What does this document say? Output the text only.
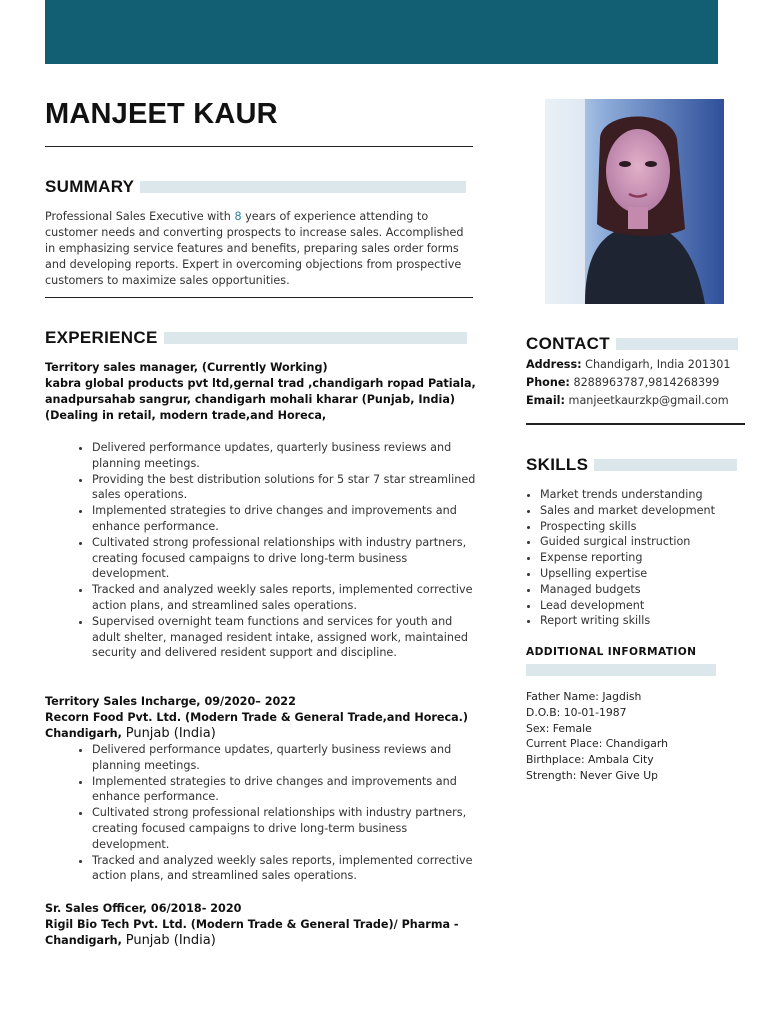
MANJEET KAUR
SUMMARY

Professional Sales Executive with 8 years of experience attending to customer needs and converting prospects to increase sales. Accomplished in emphasizing service features and benefits, preparing sales order forms and developing reports. Expert in overcoming objections from prospective customers to maximize sales opportunities.

EXPERIENCE
Territory sales manager, (Currently Working)
kabra global products pvt ltd,gernal trad ,chandigarh ropad Patiala, anadpursahab sangrur, chandigarh mohali kharar (Punjab, India)(Dealing in retail, modern trade,and Horeca,
• Delivered performance updates, quarterly business reviews and planning meetings.
• Providing the best distribution solutions for 5 star 7 star streamlined sales operations.
• Implemented strategies to drive changes and improvements and enhance performance.
• Cultivated strong professional relationships with industry partners, creating focused campaigns to drive long-term business development.
• Tracked and analyzed weekly sales reports, implemented corrective action plans, and streamlined sales operations.
• Supervised overnight team functions and services for youth and adult shelter, managed resident intake, assigned work, maintained security and delivered resident support and discipline.
Territory Sales Incharge, 09/2020– 2022
Recorn Food Pvt. Ltd. (Modern Trade & General Trade,and Horeca.)
Chandigarh, Punjab (India)
• Delivered performance updates, quarterly business reviews and planning meetings.
• Implemented strategies to drive changes and improvements and enhance performance.
• Cultivated strong professional relationships with industry partners, creating focused campaigns to drive long-term business development.
• Tracked and analyzed weekly sales reports, implemented corrective action plans, and streamlined sales operations.
Sr. Sales Officer, 06/2018- 2020
Rigil Bio Tech Pvt. Ltd. (Modern Trade & General Trade)/ Pharma -
Chandigarh, Punjab (India)
CONTACT
Address: Chandigarh, India 201301
Phone: 8288963787,9814268399
Email: manjeetkaurzkp@gmail.com
SKILLS
• Market trends understanding
• Sales and market development
• Prospecting skills
• Guided surgical instruction
• Expense reporting
• Upselling expertise
• Managed budgets
• Lead development
• Report writing skills
ADDITIONAL INFORMATION
Father Name: Jagdish
D.O.B: 10-01-1987
Sex: Female
Current Place: Chandigarh
Birthplace: Ambala City
Strength: Never Give Up
